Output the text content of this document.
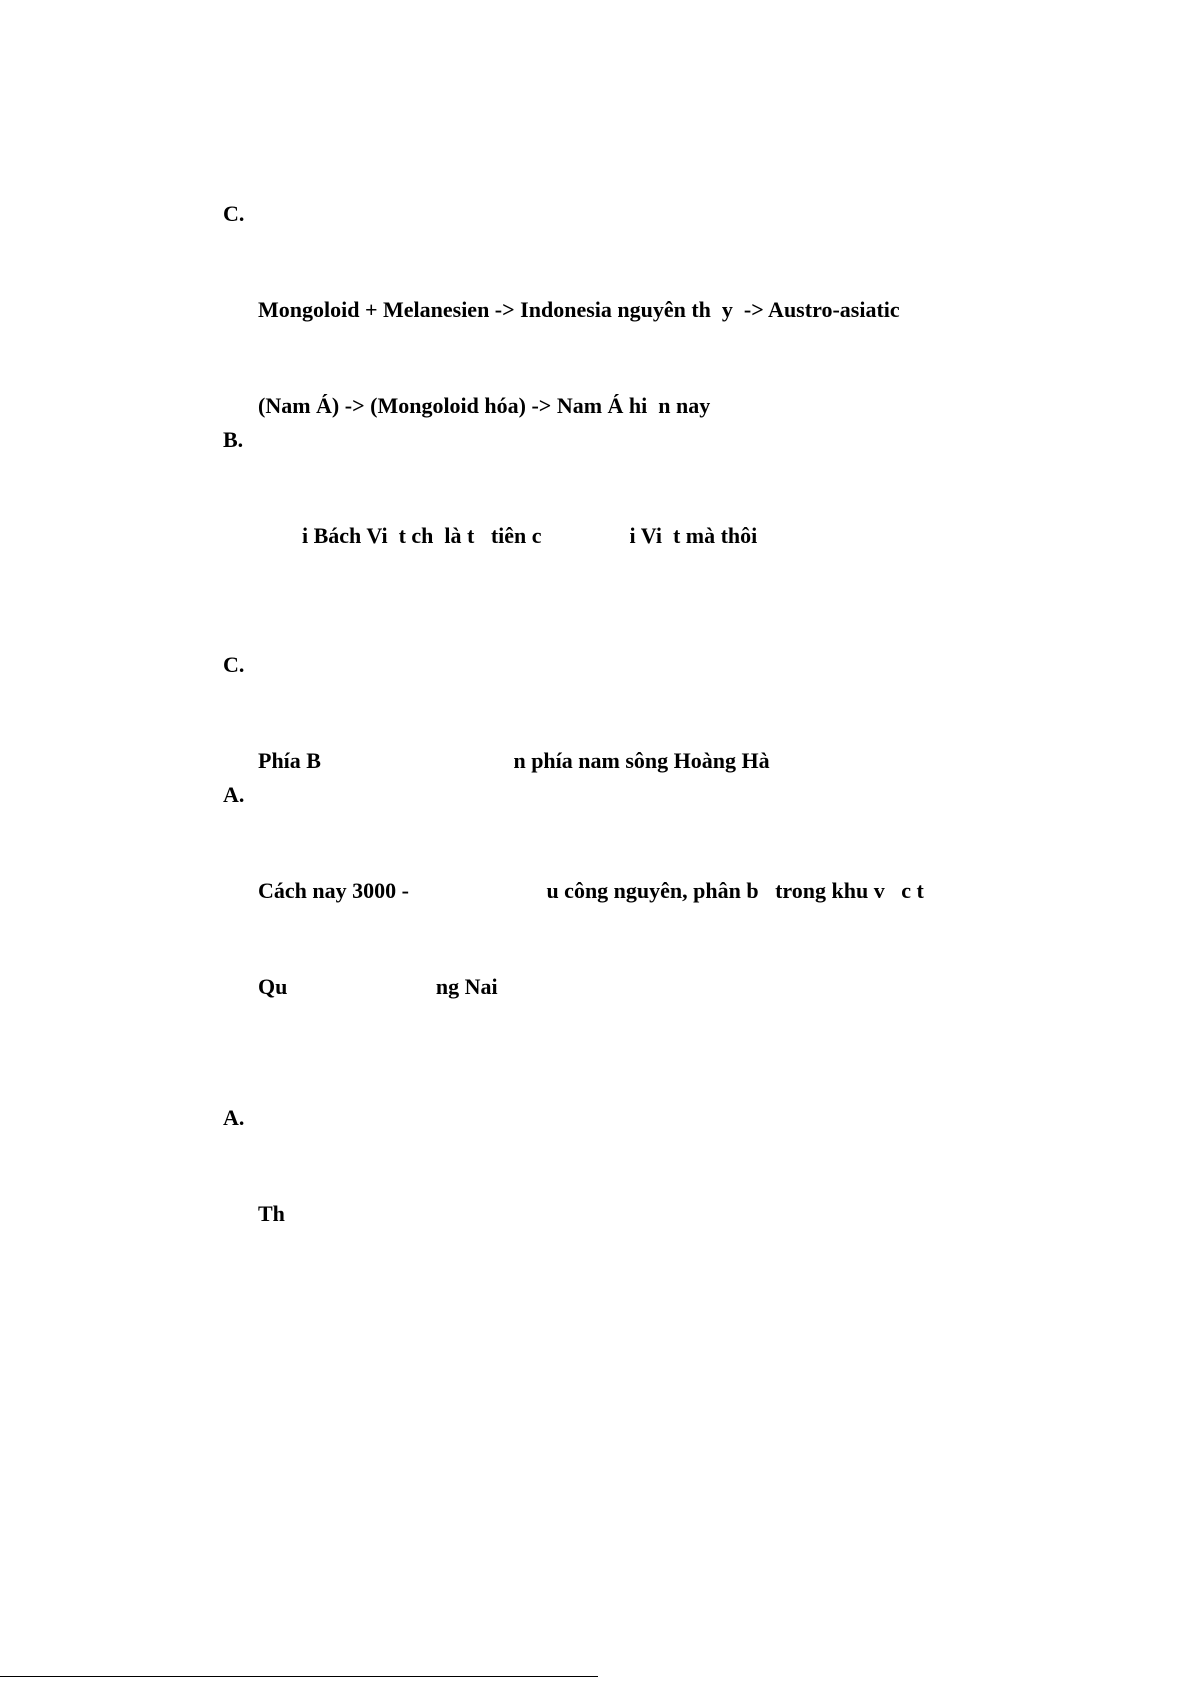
C.

Mongoloid + Melanesien -> Indonesia nguyên th  y  -> Austro-asiatic

(Nam Á) -> (Mongoloid hóa) -> Nam Á hi  n nay

B.

i Bách Vi  t ch  là t   tiên c                i Vi  t mà thôi

C.

Phía B                                   n phía nam sông Hoàng Hà

A.

Cách nay 3000 -                         u công nguyên, phân b   trong khu v   c t

Qu                           ng Nai

A.

Th
